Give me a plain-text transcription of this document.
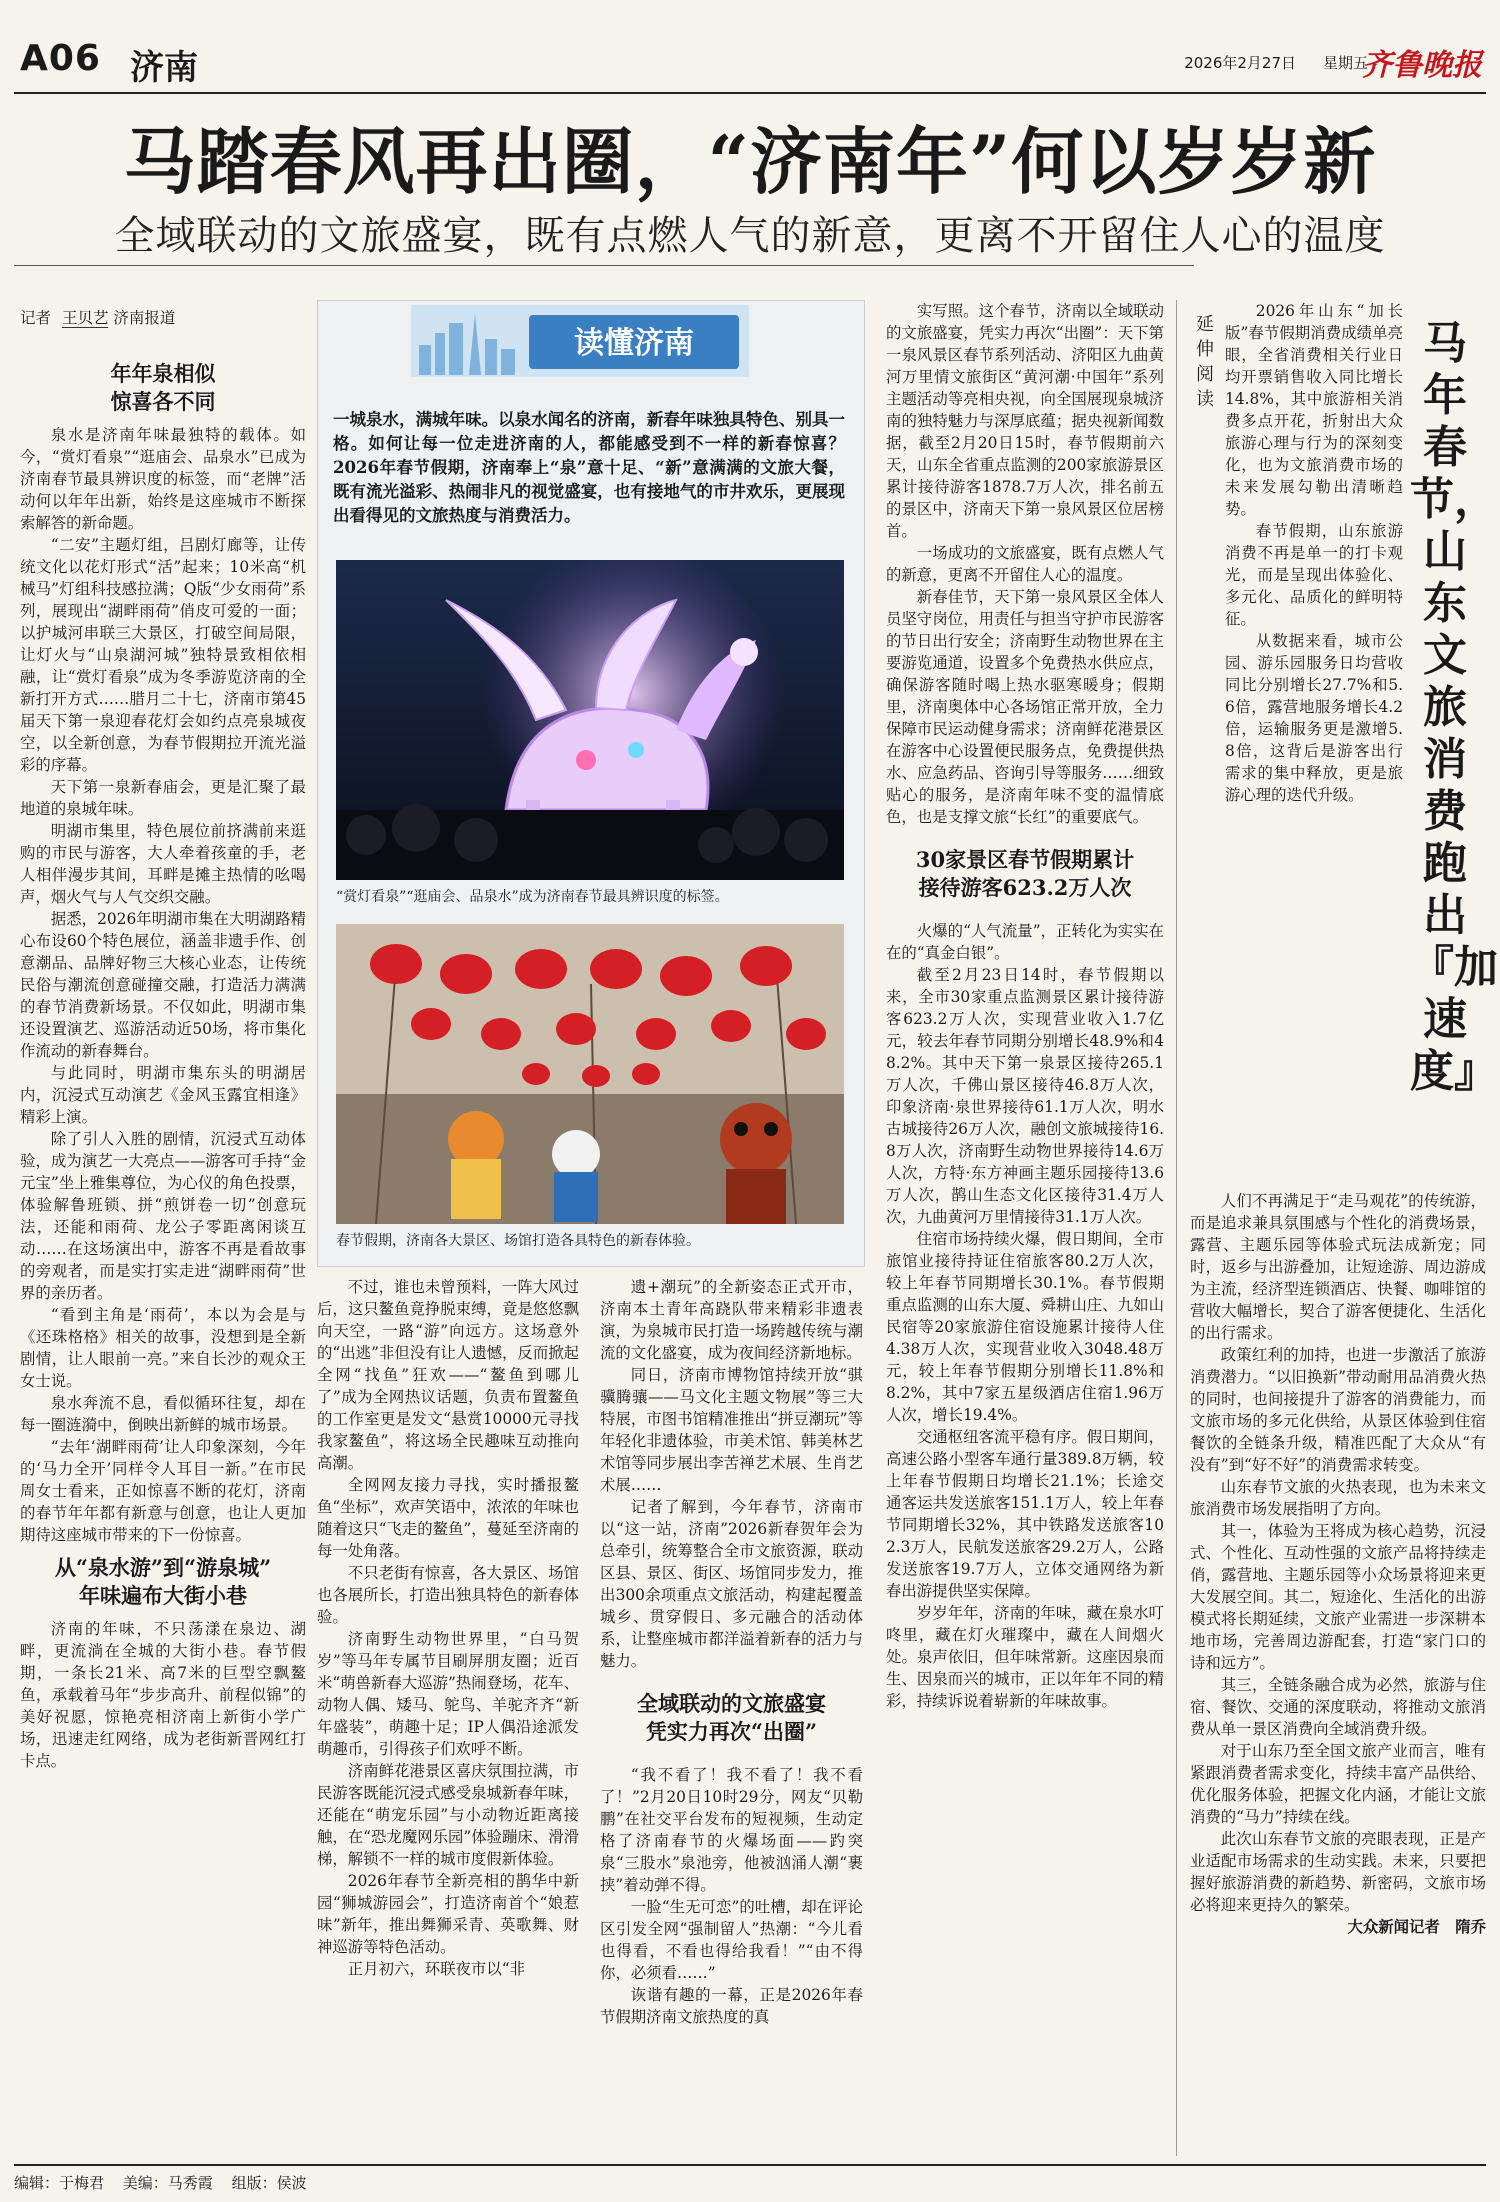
A06 济南	2026年2月27日 星期五
齐鲁晚报
马踏春风再出圈，“济南年”何以岁岁新
全域联动的文旅盛宴，既有点燃人气的新意，更离不开留住人心的温度
记者 王贝艺 济南报道
年年泉相似
惊喜各不同

泉水是济南年味最独特的载体。如今，“赏灯看泉”“逛庙会、品泉水”已成为济南春节最具辨识度的标签，而“老牌”活动何以年年出新，始终是这座城市不断探索解答的新命题。

“二安”主题灯组，吕剧灯廊等，让传统文化以花灯形式“活”起来；10米高“机械马”灯组科技感拉满；Q版“少女雨荷”系列，展现出“湖畔雨荷”俏皮可爱的一面；以护城河串联三大景区，打破空间局限，让灯火与“山泉湖河城”独特景致相依相融，让“赏灯看泉”成为冬季游览济南的全新打开方式……腊月二十七，济南市第45届天下第一泉迎春花灯会如约点亮泉城夜空，以全新创意，为春节假期拉开流光溢彩的序幕。

天下第一泉新春庙会，更是汇聚了最地道的泉城年味。

明湖市集里，特色展位前挤满前来逛购的市民与游客，大人牵着孩童的手，老人相伴漫步其间，耳畔是摊主热情的吆喝声，烟火气与人气交织交融。

据悉，2026年明湖市集在大明湖路精心布设60个特色展位，涵盖非遗手作、创意潮品、品牌好物三大核心业态，让传统民俗与潮流创意碰撞交融，打造活力满满的春节消费新场景。不仅如此，明湖市集还设置演艺、巡游活动近50场，将市集化作流动的新春舞台。

与此同时，明湖市集东头的明湖居内，沉浸式互动演艺《金风玉露宜相逢》精彩上演。

除了引人入胜的剧情，沉浸式互动体验，成为演艺一大亮点——游客可手持“金元宝”坐上雅集尊位，为心仪的角色投票，体验解鲁班锁、拼“煎饼卷一切”创意玩法，还能和雨荷、龙公子零距离闲谈互动……在这场演出中，游客不再是看故事的旁观者，而是实打实走进“湖畔雨荷”世界的亲历者。

“看到主角是‘雨荷’，本以为会是与《还珠格格》相关的故事，没想到是全新剧情，让人眼前一亮。”来自长沙的观众王女士说。

泉水奔流不息，看似循环往复，却在每一圈涟漪中，倒映出新鲜的城市场景。

“去年‘湖畔雨荷’让人印象深刻，今年的‘马力全开’同样令人耳目一新。”在市民周女士看来，正如惊喜不断的花灯，济南的春节年年都有新意与创意，也让人更加期待这座城市带来的下一份惊喜。

从“泉水游”到“游泉城”
年味遍布大街小巷

济南的年味，不只荡漾在泉边、湖畔，更流淌在全城的大街小巷。春节假期，一条长21米、高7米的巨型空飘鳌鱼，承载着马年“步步高升、前程似锦”的美好祝愿，惊艳亮相济南上新街小学广场，迅速走红网络，成为老街新晋网红打卡点。

读懂济南
一城泉水，满城年味。以泉水闻名的济南，新春年味独具特色、别具一格。如何让每一位走进济南的人，都能感受到不一样的新春惊喜？2026年春节假期，济南奉上“泉”意十足、“新”意满满的文旅大餐，既有流光溢彩、热闹非凡的视觉盛宴，也有接地气的市井欢乐，更展现出看得见的文旅热度与消费活力。
“赏灯看泉”“逛庙会、品泉水”成为济南春节最具辨识度的标签。
春节假期，济南各大景区、场馆打造各具特色的新春体验。

不过，谁也未曾预料，一阵大风过后，这只鳌鱼竟挣脱束缚，竟是悠悠飘向天空，一路“游”向远方。这场意外的“出逃”非但没有让人遗憾，反而掀起全网“找鱼”狂欢——“鳌鱼到哪儿了”成为全网热议话题，负责布置鳌鱼的工作室更是发文“悬赏10000元寻找我家鳌鱼”，将这场全民趣味互动推向高潮。

全网网友接力寻找，实时播报鳌鱼“坐标”，欢声笑语中，浓浓的年味也随着这只“飞走的鳌鱼”，蔓延至济南的每一处角落。

不只老街有惊喜，各大景区、场馆也各展所长，打造出独具特色的新春体验。

济南野生动物世界里，“白马贺岁”等马年专属节目刷屏朋友圈；近百米“萌兽新春大巡游”热闹登场，花车、动物人偶、矮马、鸵鸟、羊驼齐齐“新年盛装”，萌趣十足；IP人偶沿途派发萌趣币，引得孩子们欢呼不断。

济南鲜花港景区喜庆氛围拉满，市民游客既能沉浸式感受泉城新春年味，还能在“萌宠乐园”与小动物近距离接触，在“恐龙魔网乐园”体验蹦床、滑滑梯，解锁不一样的城市度假新体验。

2026年春节全新亮相的鹊华中新园“狮城游园会”，打造济南首个“娘惹味”新年，推出舞狮采青、英歌舞、财神巡游等特色活动。

正月初六，环联夜市以“非

遗+潮玩”的全新姿态正式开市，济南本土青年高跷队带来精彩非遗表演，为泉城市民打造一场跨越传统与潮流的文化盛宴，成为夜间经济新地标。

同日，济南市博物馆持续开放“骐骥腾骧——马文化主题文物展”等三大特展，市图书馆精准推出“拼豆潮玩”等年轻化非遗体验，市美术馆、韩美林艺术馆等同步展出李苦禅艺术展、生肖艺术展……

记者了解到，今年春节，济南市以“这一站，济南”2026新春贺年会为总牵引，统筹整合全市文旅资源，联动区县、景区、街区、场馆同步发力，推出300余项重点文旅活动，构建起覆盖城乡、贯穿假日、多元融合的活动体系，让整座城市都洋溢着新春的活力与魅力。

全域联动的文旅盛宴
凭实力再次“出圈”

“我不看了！我不看了！我不看了！”2月20日10时29分，网友“贝勒鹏”在社交平台发布的短视频，生动定格了济南春节的火爆场面——趵突泉“三股水”泉池旁，他被汹涌人潮“裹挟”着动弹不得。

一脸“生无可恋”的吐槽，却在评论区引发全网“强制留人”热潮：“今儿看也得看，不看也得给我看！”“由不得你，必须看……”

诙谐有趣的一幕，正是2026年春节假期济南文旅热度的真

实写照。这个春节，济南以全域联动的文旅盛宴，凭实力再次“出圈”：天下第一泉风景区春节系列活动、济阳区九曲黄河万里情文旅街区“黄河潮·中国年”系列主题活动等亮相央视，向全国展现泉城济南的独特魅力与深厚底蕴；据央视新闻数据，截至2月20日15时，春节假期前六天，山东全省重点监测的200家旅游景区累计接待游客1878.7万人次，排名前五的景区中，济南天下第一泉风景区位居榜首。

一场成功的文旅盛宴，既有点燃人气的新意，更离不开留住人心的温度。

新春佳节，天下第一泉风景区全体人员坚守岗位，用责任与担当守护市民游客的节日出行安全；济南野生动物世界在主要游览通道，设置多个免费热水供应点，确保游客随时喝上热水驱寒暖身；假期里，济南奥体中心各场馆正常开放，全力保障市民运动健身需求；济南鲜花港景区在游客中心设置便民服务点，免费提供热水、应急药品、咨询引导等服务……细致贴心的服务，是济南年味不变的温情底色，也是支撑文旅“长红”的重要底气。

30家景区春节假期累计
接待游客623.2万人次

火爆的“人气流量”，正转化为实实在在的“真金白银”。

截至2月23日14时，春节假期以来，全市30家重点监测景区累计接待游客623.2万人次，实现营业收入1.7亿元，较去年春节同期分别增长48.9%和48.2%。其中天下第一泉景区接待265.1万人次，千佛山景区接待46.8万人次，印象济南·泉世界接待61.1万人次，明水古城接待26万人次，融创文旅城接待16.8万人次，济南野生动物世界接待14.6万人次，方特·东方神画主题乐园接待13.6万人次，鹊山生态文化区接待31.4万人次，九曲黄河万里情接待31.1万人次。

住宿市场持续火爆，假日期间，全市旅馆业接待持证住宿旅客80.2万人次，较上年春节同期增长30.1%。春节假期重点监测的山东大厦、舜耕山庄、九如山民宿等20家旅游住宿设施累计接待人住4.38万人次，实现营业收入3048.48万元，较上年春节假期分别增长11.8%和8.2%，其中7家五星级酒店住宿1.96万人次，增长19.4%。

交通枢纽客流平稳有序。假日期间，高速公路小型客车通行量389.8万辆，较上年春节假期日均增长21.1%；长途交通客运共发送旅客151.1万人，较上年春节同期增长32%，其中铁路发送旅客102.3万人，民航发送旅客29.2万人，公路发送旅客19.7万人，立体交通网络为新春出游提供坚实保障。

岁岁年年，济南的年味，藏在泉水叮咚里，藏在灯火璀璨中，藏在人间烟火处。泉声依旧，但年味常新。这座因泉而生、因泉而兴的城市，正以年年不同的精彩，持续诉说着崭新的年味故事。

延伸阅读
马年春节，山东文旅消费跑出『加速度』

2026年山东“加长版”春节假期消费成绩单亮眼，全省消费相关行业日均开票销售收入同比增长14.8%，其中旅游相关消费多点开花，折射出大众旅游心理与行为的深刻变化，也为文旅消费市场的未来发展勾勒出清晰趋势。

春节假期，山东旅游消费不再是单一的打卡观光，而是呈现出体验化、多元化、品质化的鲜明特征。

从数据来看，城市公园、游乐园服务日均营收同比分别增长27.7%和5.6倍，露营地服务增长4.2倍，运输服务更是激增5.8倍，这背后是游客出行需求的集中释放，更是旅游心理的迭代升级。

人们不再满足于“走马观花”的传统游，而是追求兼具氛围感与个性化的消费场景，露营、主题乐园等体验式玩法成新宠；同时，返乡与出游叠加，让短途游、周边游成为主流，经济型连锁酒店、快餐、咖啡馆的营收大幅增长，契合了游客便捷化、生活化的出行需求。

政策红利的加持，也进一步激活了旅游消费潜力。“以旧换新”带动耐用品消费火热的同时，也间接提升了游客的消费能力，而文旅市场的多元化供给，从景区体验到住宿餐饮的全链条升级，精准匹配了大众从“有没有”到“好不好”的消费需求转变。

山东春节文旅的火热表现，也为未来文旅消费市场发展指明了方向。

其一，体验为王将成为核心趋势，沉浸式、个性化、互动性强的文旅产品将持续走俏，露营地、主题乐园等小众场景将迎来更大发展空间。其二，短途化、生活化的出游模式将长期延续，文旅产业需进一步深耕本地市场，完善周边游配套，打造“家门口的诗和远方”。

其三，全链条融合成为必然，旅游与住宿、餐饮、交通的深度联动，将推动文旅消费从单一景区消费向全域消费升级。

对于山东乃至全国文旅产业而言，唯有紧跟消费者需求变化，持续丰富产品供给、优化服务体验，把握文化内涵，才能让文旅消费的“马力”持续在线。

此次山东春节文旅的亮眼表现，正是产业适配市场需求的生动实践。未来，只要把握好旅游消费的新趋势、新密码，文旅市场必将迎来更持久的繁荣。

大众新闻记者　隋乔

编辑：于梅君 美编：马秀霞 组版：侯波
